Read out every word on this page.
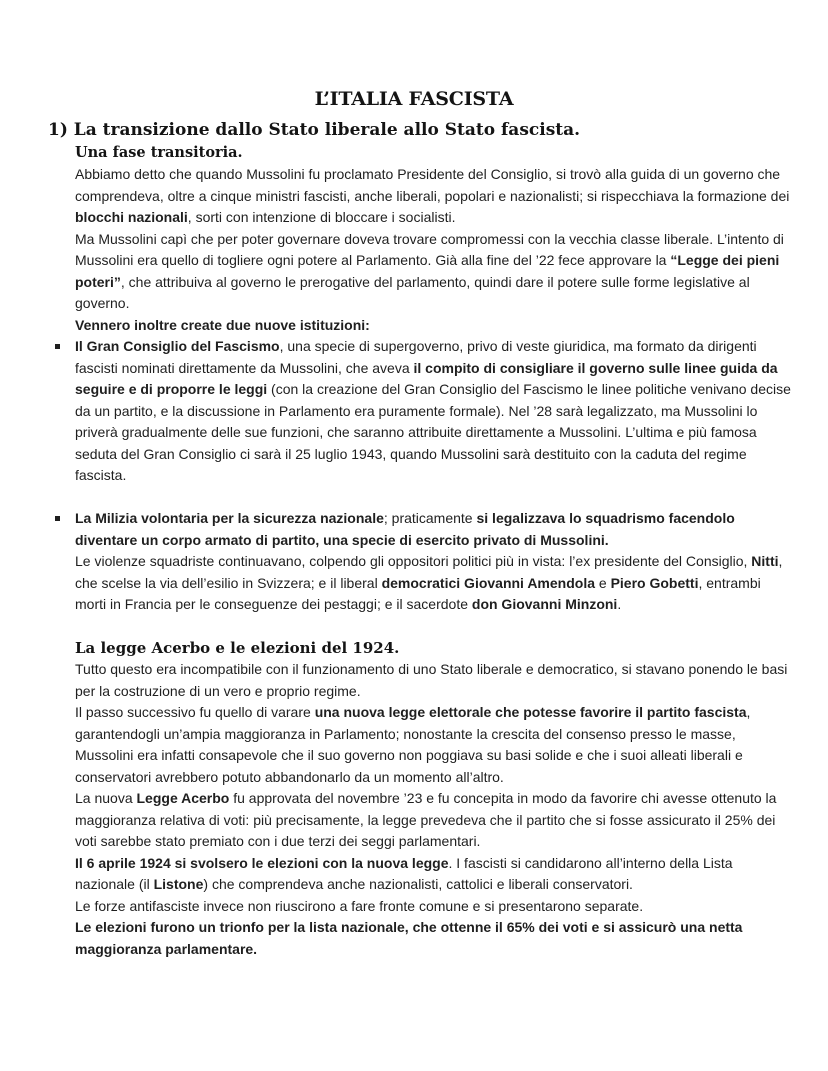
L’ITALIA FASCISTA
1) La transizione dallo Stato liberale allo Stato fascista.
Una fase transitoria.
Abbiamo detto che quando Mussolini fu proclamato Presidente del Consiglio, si trovò alla guida di un governo che comprendeva, oltre a cinque ministri fascisti, anche liberali, popolari e nazionalisti; si rispecchiava la formazione dei blocchi nazionali, sorti con intenzione di bloccare i socialisti.
Ma Mussolini capì che per poter governare doveva trovare compromessi con la vecchia classe liberale. L’intento di Mussolini era quello di togliere ogni potere al Parlamento. Già alla fine del ’22 fece approvare la “Legge dei pieni poteri”, che attribuiva al governo le prerogative del parlamento, quindi dare il potere sulle forme legislative al governo.
Vennero inoltre create due nuove istituzioni:
Il Gran Consiglio del Fascismo, una specie di supergoverno, privo di veste giuridica, ma formato da dirigenti fascisti nominati direttamente da Mussolini, che aveva il compito di consigliare il governo sulle linee guida da seguire e di proporre le leggi (con la creazione del Gran Consiglio del Fascismo le linee politiche venivano decise da un partito, e la discussione in Parlamento era puramente formale). Nel ’28 sarà legalizzato, ma Mussolini lo priverà gradualmente delle sue funzioni, che saranno attribuite direttamente a Mussolini. L’ultima e più famosa seduta del Gran Consiglio ci sarà il 25 luglio 1943, quando Mussolini sarà destituito con la caduta del regime fascista.
La Milizia volontaria per la sicurezza nazionale; praticamente si legalizzava lo squadrismo facendolo diventare un corpo armato di partito, una specie di esercito privato di Mussolini.
Le violenze squadriste continuavano, colpendo gli oppositori politici più in vista: l’ex presidente del Consiglio, Nitti, che scelse la via dell’esilio in Svizzera; e il liberal democratici Giovanni Amendola e Piero Gobetti, entrambi morti in Francia per le conseguenze dei pestaggi; e il sacerdote don Giovanni Minzoni.
La legge Acerbo e le elezioni del 1924.
Tutto questo era incompatibile con il funzionamento di uno Stato liberale e democratico, si stavano ponendo le basi per la costruzione di un vero e proprio regime.
Il passo successivo fu quello di varare una nuova legge elettorale che potesse favorire il partito fascista, garantendogli un’ampia maggioranza in Parlamento; nonostante la crescita del consenso presso le masse, Mussolini era infatti consapevole che il suo governo non poggiava su basi solide e che i suoi alleati liberali e conservatori avrebbero potuto abbandonarlo da un momento all’altro.
La nuova Legge Acerbo fu approvata del novembre ’23 e fu concepita in modo da favorire chi avesse ottenuto la maggioranza relativa di voti: più precisamente, la legge prevedeva che il partito che si fosse assicurato il 25% dei voti sarebbe stato premiato con i due terzi dei seggi parlamentari.
Il 6 aprile 1924 si svolsero le elezioni con la nuova legge. I fascisti si candidarono all’interno della Lista nazionale (il Listone) che comprendeva anche nazionalisti, cattolici e liberali conservatori.
Le forze antifasciste invece non riuscirono a fare fronte comune e si presentarono separate.
Le elezioni furono un trionfo per la lista nazionale, che ottenne il 65% dei voti e si assicurò una netta maggioranza parlamentare.
